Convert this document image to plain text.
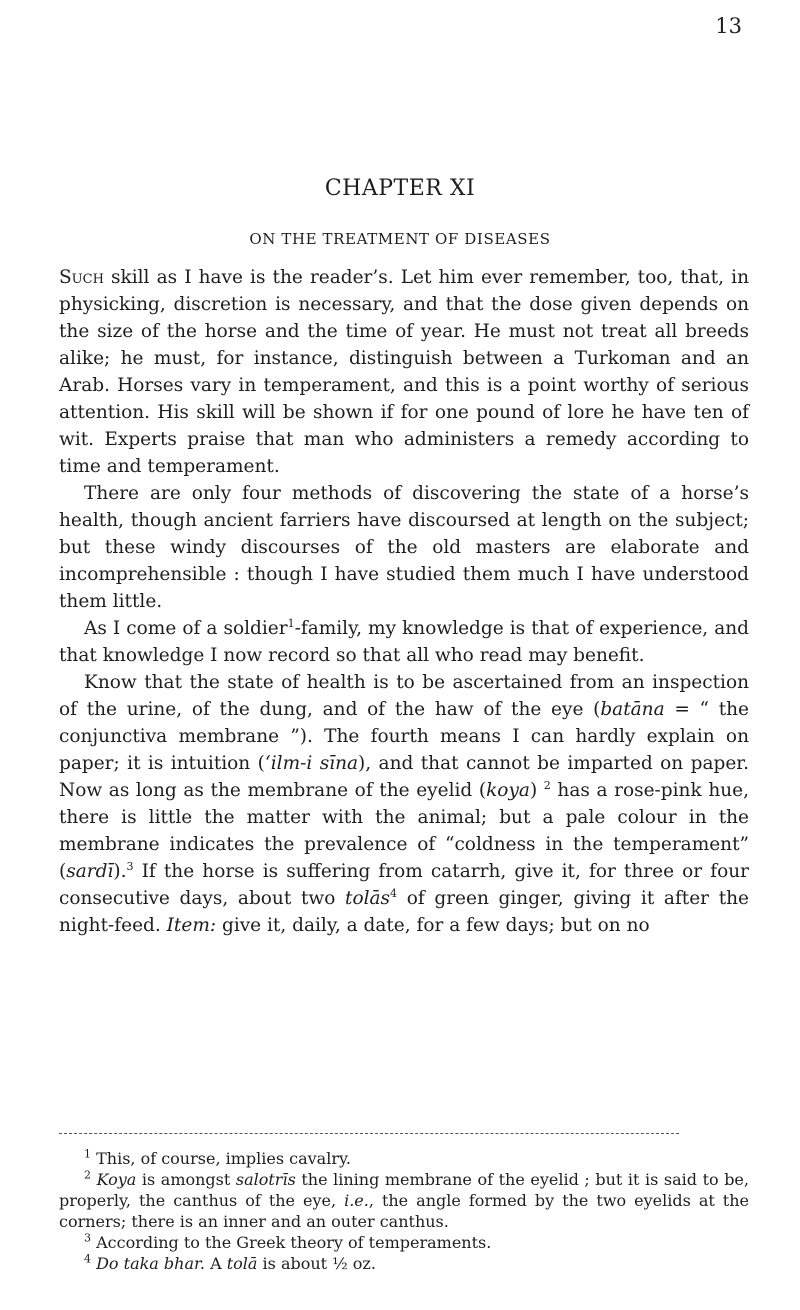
13
CHAPTER XI
ON THE TREATMENT OF DISEASES

Such skill as I have is the reader’s. Let him ever remember, too, that, in physicking, discretion is necessary, and that the dose given depends on the size of the horse and the time of year. He must not treat all breeds alike; he must, for instance, distinguish between a Turkoman and an Arab. Horses vary in temperament, and this is a point worthy of serious attention. His skill will be shown if for one pound of lore he have ten of wit. Experts praise that man who administers a remedy according to time and temperament.

There are only four methods of discovering the state of a horse’s health, though ancient farriers have discoursed at length on the subject; but these windy discourses of the old masters are elaborate and incomprehensible : though I have studied them much I have understood them little.

As I come of a soldier$^1$-family, my knowledge is that of experience, and that knowledge I now record so that all who read may benefit.

Know that the state of health is to be ascertained from an inspection of the urine, of the dung, and of the haw of the eye (batāna = “ the conjunctiva membrane ”). The fourth means I can hardly explain on paper; it is intuition (‘ilm-i sīna), and that cannot be imparted on paper. Now as long as the membrane of the eyelid (koya) $^2$ has a rose-pink hue, there is little the matter with the animal; but a pale colour in the membrane indicates the prevalence of “coldness in the temperament” (sardī).$^3$ If the horse is suffering from catarrh, give it, for three or four consecutive days, about two tolās$^4$ of green ginger, giving it after the night-feed. Item: give it, daily, a date, for a few days; but on no

$^1$ This, of course, implies cavalry.

$^2$ Koya is amongst salotrīs the lining membrane of the eyelid ; but it is said to be, properly, the canthus of the eye, i.e., the angle formed by the two eyelids at the corners; there is an inner and an outer canthus.

$^3$ According to the Greek theory of temperaments.

$^4$ Do taka bhar. A tolā is about ½ oz.
